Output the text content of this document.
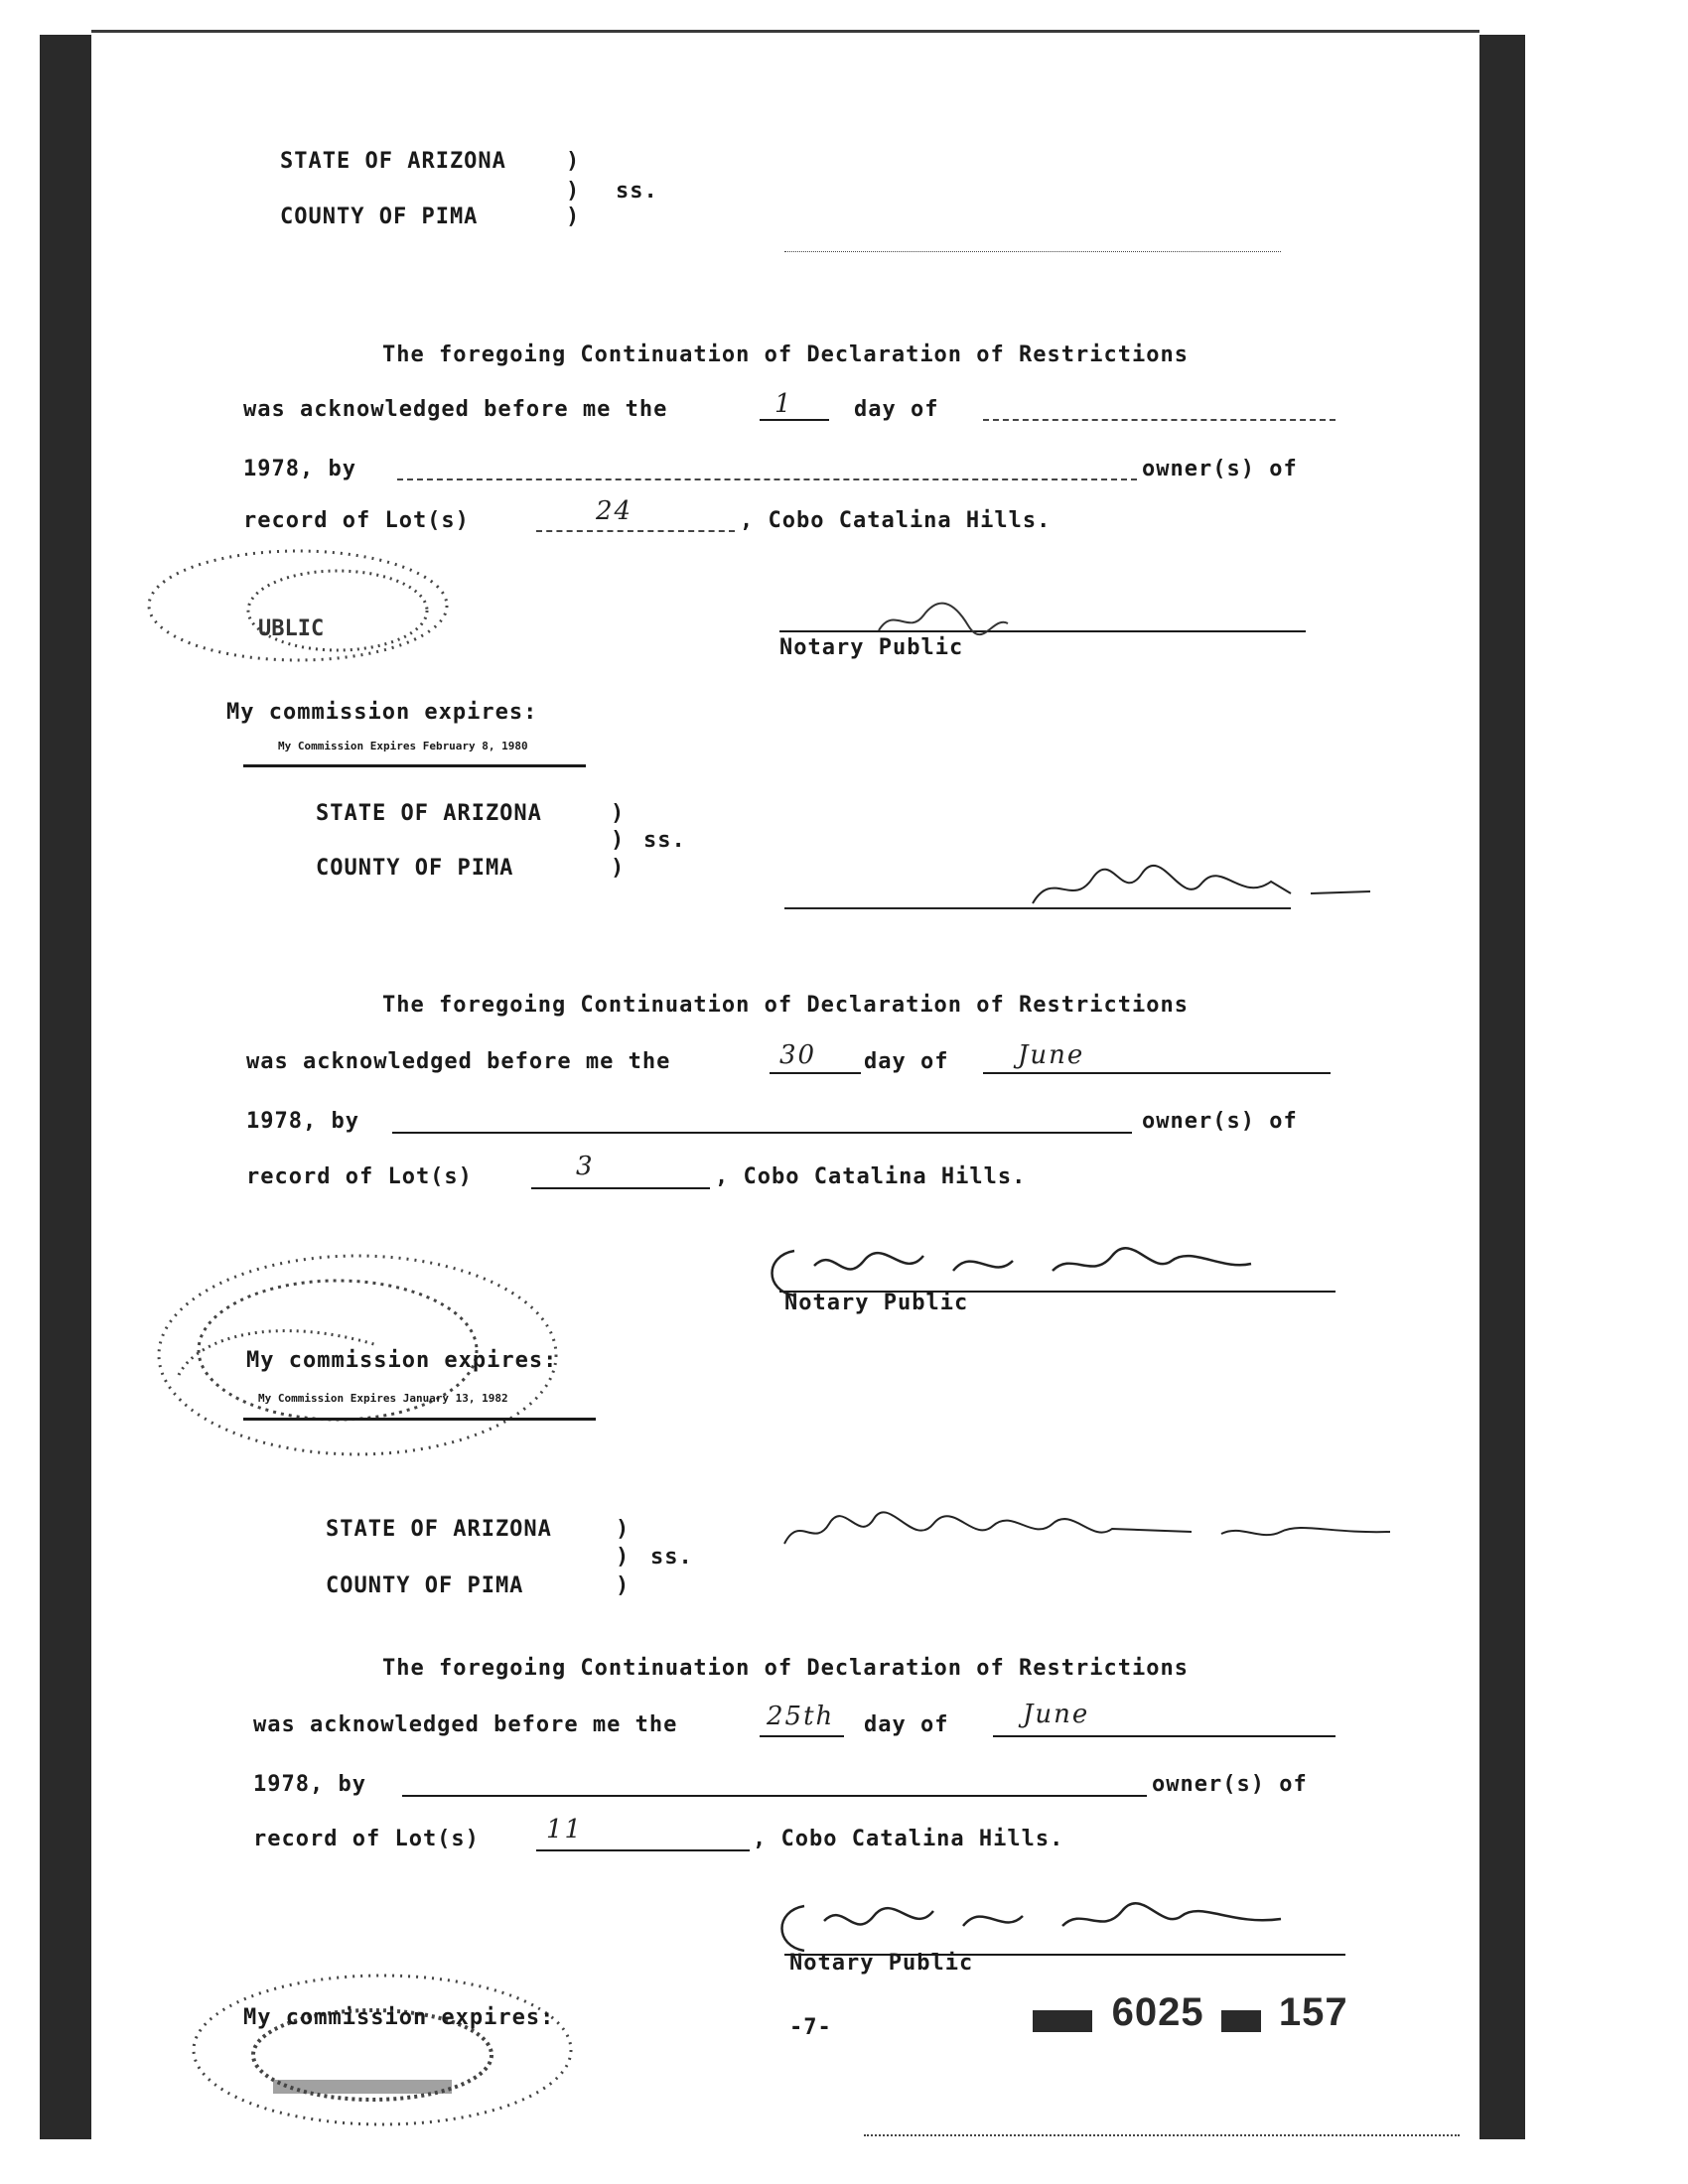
STATE OF ARIZONA	)
) ss.
COUNTY OF PIMA	)
The foregoing Continuation of Declaration of Restrictions
was acknowledged before me the	1	day of
1978, by	owner(s) of
record of Lot(s)	24	, Cobo Catalina Hills.
Notary Public
UBLIC
My commission expires:
My Commission Expires February 8, 1980
STATE OF ARIZONA	)
) ss.
COUNTY OF PIMA	)
The foregoing Continuation of Declaration of Restrictions
was acknowledged before me the	30 day of	June
1978, by	owner(s) of
record of Lot(s)	3	, Cobo Catalina Hills.
Notary Public
My commission expires:
My Commission Expires January 13, 1982
STATE OF ARIZONA	)
) ss.
COUNTY OF PIMA	)
The foregoing Continuation of Declaration of Restrictions
was acknowledged before me the	25th day of	June
1978, by	owner(s) of
record of Lot(s)	11	, Cobo Catalina Hills.
Notary Public
My commission expires:	-7-	6025 157
